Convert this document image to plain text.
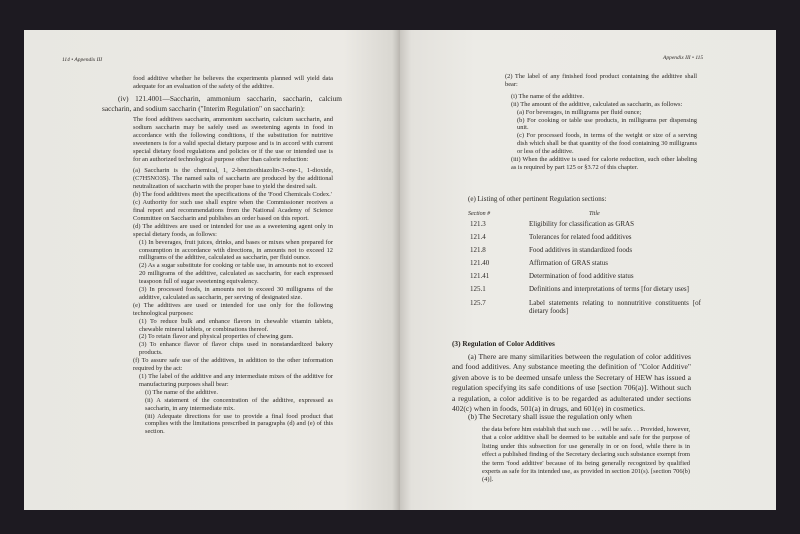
114 • Appendix III

food additive whether he believes the experiments planned will yield data adequate for an evaluation of the safety of the additive.

(iv) 121.4001—Saccharin, ammonium saccharin, saccharin, calcium saccharin, and sodium saccharin ("Interim Regulation" on saccharin):

The food additives saccharin, ammonium saccharin, calcium saccharin, and sodium saccharin may be safely used as sweetening agents in food in accordance with the following conditions, if the substitution for nutritive sweeteners is for a valid special dietary purpose and is in accord with current special dietary food regulations and policies or if the use or intended use is for an authorized technological purpose other than calorie reduction:

(a) Saccharin is the chemical, 1, 2-benzisothiazolin-3-one-1, 1-dioxide, (C7H5NO3S). The named salts of saccharin are produced by the additional neutralization of saccharin with the proper base to yield the desired salt.

(b) The food additives meet the specifications of the 'Food Chemicals Codex.'

(c) Authority for such use shall expire when the Commissioner receives a final report and recommendations from the National Academy of Science Committee on Saccharin and publishes an order based on this report.

(d) The additives are used or intended for use as a sweetening agent only in special dietary foods, as follows:

(1) In beverages, fruit juices, drinks, and bases or mixes when prepared for consumption in accordance with directions, in amounts not to exceed 12 milligrams of the additive, calculated as saccharin, per fluid ounce.

(2) As a sugar substitute for cooking or table use, in amounts not to exceed 20 milligrams of the additive, calculated as saccharin, for each expressed teaspoon full of sugar sweetening equivalency.

(3) In processed foods, in amounts not to exceed 30 milligrams of the additive, calculated as saccharin, per serving of designated size.

(e) The additives are used or intended for use only for the following technological purposes:

(1) To reduce bulk and enhance flavors in chewable vitamin tablets, chewable mineral tablets, or combinations thereof.

(2) To retain flavor and physical properties of chewing gum.

(3) To enhance flavor of flavor chips used in nonstandardized bakery products.

(f) To assure safe use of the additives, in addition to the other information required by the act:

(1) The label of the additive and any intermediate mixes of the additive for manufacturing purposes shall bear:

(i) The name of the additive.

(ii) A statement of the concentration of the additive, expressed as saccharin, in any intermediate mix.

(iii) Adequate directions for use to provide a final food product that complies with the limitations prescribed in paragraphs (d) and (e) of this section.

Appendix III • 115

(2) The label of any finished food product containing the additive shall bear:

(i) The name of the additive.

(ii) The amount of the additive, calculated as saccharin, as follows:

(a) For beverages, in milligrams per fluid ounce;

(b) For cooking or table use products, in milligrams per dispensing unit.

(c) For processed foods, in terms of the weight or size of a serving dish which shall be that quantity of the food containing 30 milligrams or less of the additive.

(iii) When the additive is used for calorie reduction, such other labeling as is required by part 125 or §3.72 of this chapter.

(e) Listing of other pertinent Regulation sections:
Section #	Title
121.3	Eligibility for classification as GRAS
121.4	Tolerances for related food additives
121.8	Food additives in standardized foods
121.40	Affirmation of GRAS status
121.41	Determination of food additive status
125.1	Definitions and interpretations of terms [for dietary uses]
125.7	Label statements relating to nonnutritive constituents [of dietary foods]
(3) Regulation of Color Additives

(a) There are many similarities between the regulation of color additives and food additives. Any substance meeting the definition of "Color Additive" given above is to be deemed unsafe unless the Secretary of HEW has issued a regulation specifying its safe conditions of use [section 706(a)]. Without such a regulation, a color additive is to be regarded as adulterated under sections 402(c) when in foods, 501(a) in drugs, and 601(e) in cosmetics.

(b) The Secretary shall issue the regulation only when

the data before him establish that such use . . . will be safe. . . Provided, however, that a color additive shall be deemed to be suitable and safe for the purpose of listing under this subsection for use generally in or on food, while there is in effect a published finding of the Secretary declaring such substance exempt from the term 'food additive' because of its being generally recognized by qualified experts as safe for its intended use, as provided in section 201(s). [section 706(b)(4)].
